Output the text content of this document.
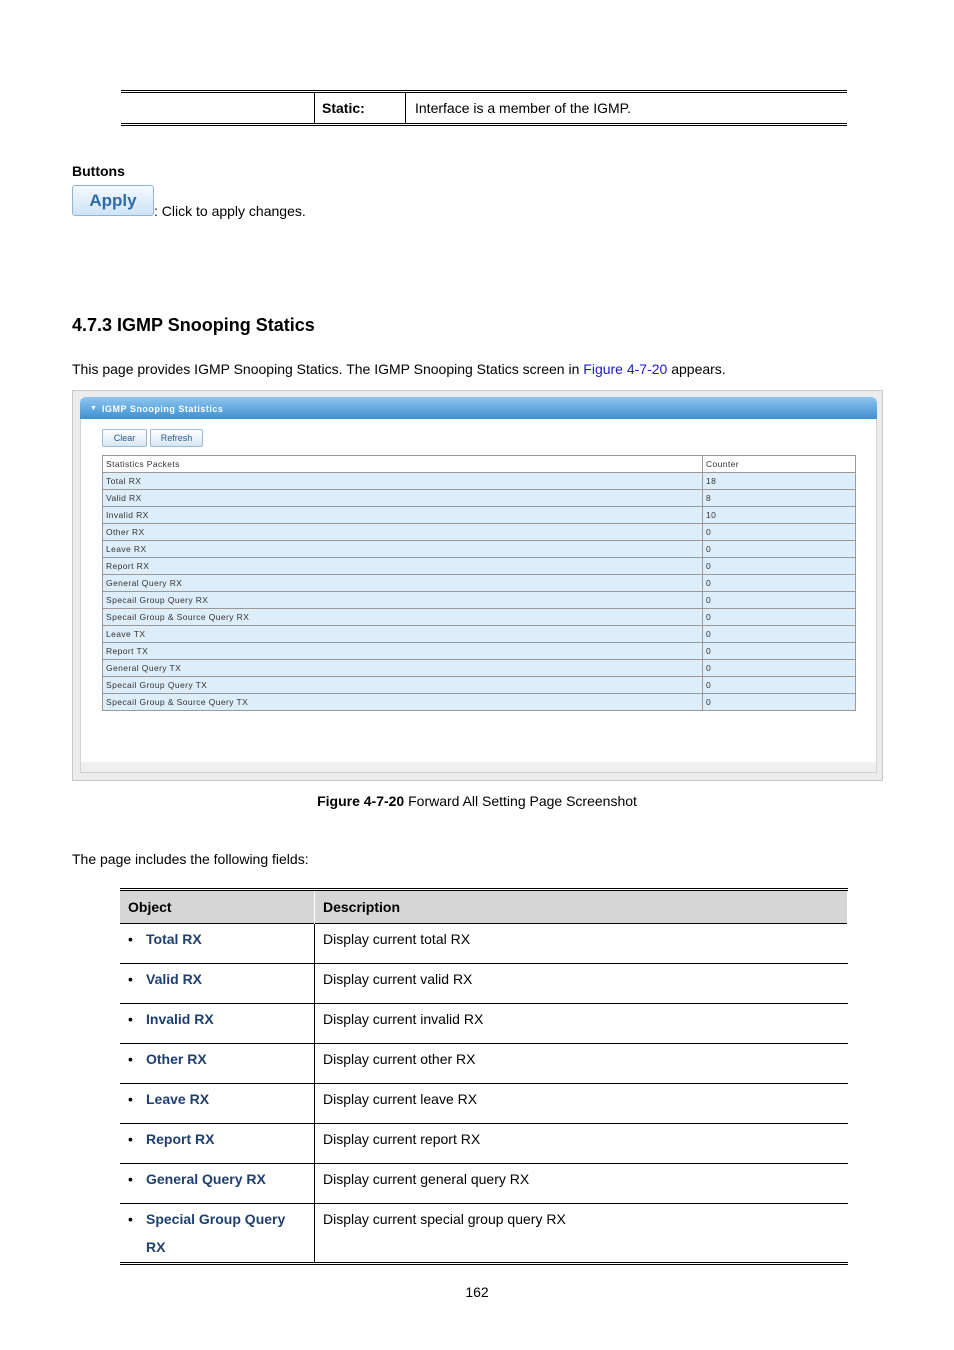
Static:	Interface is a member of the IGMP.
Buttons
Apply
: Click to apply changes.
4.7.3 IGMP Snooping Statics
This page provides IGMP Snooping Statics. The IGMP Snooping Statics screen in Figure 4-7-20 appears.
▼ IGMP Snooping Statistics
Clear	Refresh
Statistics Packets	Counter
Total RX	18
Valid RX	8
Invalid RX	10
Other RX	0
Leave RX	0
Report RX	0
General Query RX	0
Specail Group Query RX	0
Specail Group & Source Query RX	0
Leave TX	0
Report TX	0
General Query TX	0
Specail Group Query TX	0
Specail Group & Source Query TX	0
Figure 4-7-20 Forward All Setting Page Screenshot
The page includes the following fields:
Object	Description
• Total RX	Display current total RX
• Valid RX	Display current valid RX
• Invalid RX	Display current invalid RX
• Other RX	Display current other RX
• Leave RX	Display current leave RX
• Report RX	Display current report RX
• General Query RX	Display current general query RX
• Special Group Query RX	Display current special group query RX
162
